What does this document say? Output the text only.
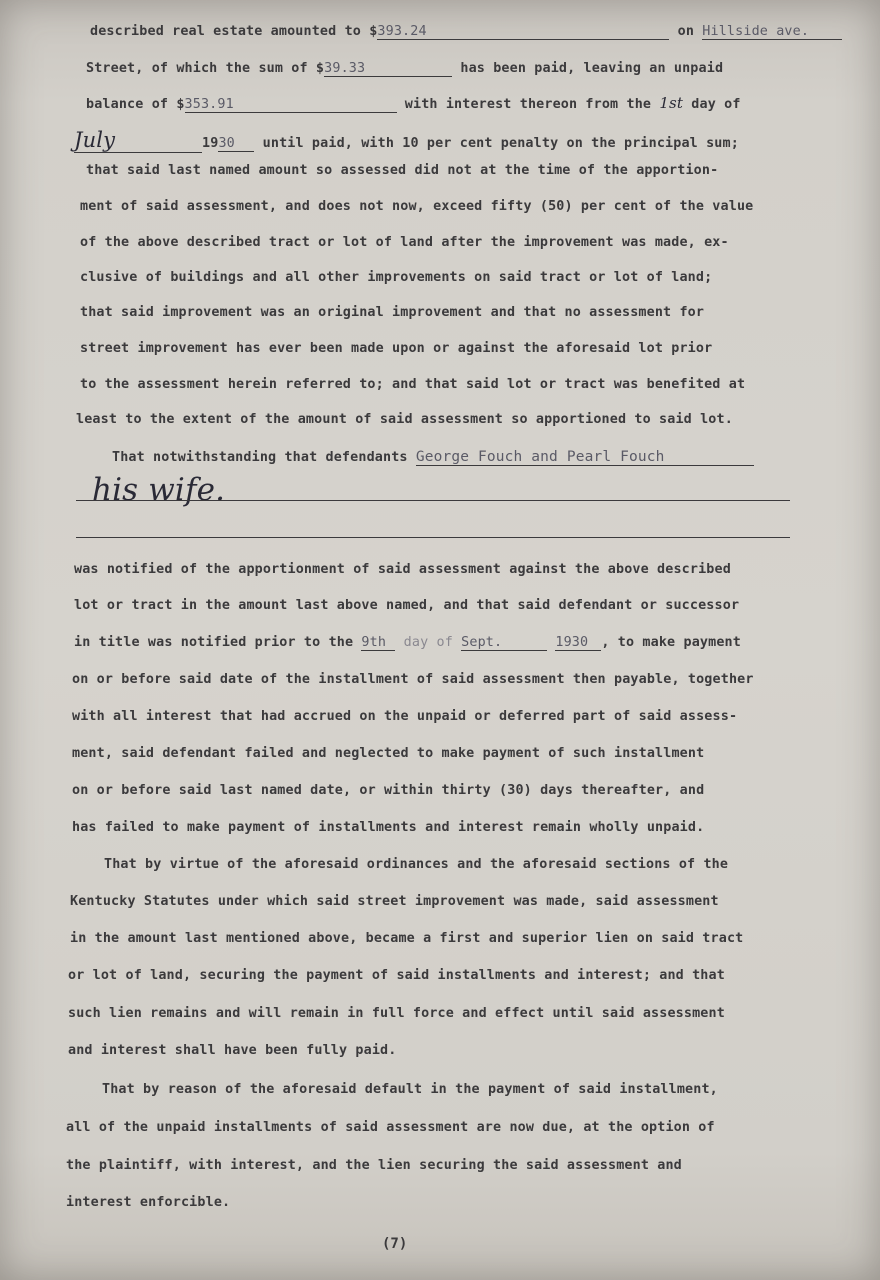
described real estate amounted to $393.24	on Hillside ave.
Street, of which the sum of $39.33	has been paid, leaving an unpaid
balance of $353.91	with interest thereon from the 1st day of
July	1930 until paid, with 10 per cent penalty on the principal sum;
that said last named amount so assessed did not at the time of the apportion-
ment of said assessment, and does not now, exceed fifty (50) per cent of the value
of the above described tract or lot of land after the improvement was made, ex-
clusive of buildings and all other improvements on said tract or lot of land;
that said improvement was an original improvement and that no assessment for
street improvement has ever been made upon or against the aforesaid lot prior
to the assessment herein referred to; and that said lot or tract was benefited at
least to the extent of the amount of said assessment so apportioned to said lot.
That notwithstanding that defendants George Fouch and Pearl Fouch
his wife.
was notified of the apportionment of said assessment against the above described
lot or tract in the amount last above named, and that said defendant or successor
in title was notified prior to the 9th day of Sept.	1930 , to make payment
on or before said date of the installment of said assessment then payable, together
with all interest that had accrued on the unpaid or deferred part of said assess-
ment, said defendant failed and neglected to make payment of such installment
on or before said last named date, or within thirty (30) days thereafter, and
has failed to make payment of installments and interest remain wholly unpaid.
That by virtue of the aforesaid ordinances and the aforesaid sections of the
Kentucky Statutes under which said street improvement was made, said assessment
in the amount last mentioned above, became a first and superior lien on said tract
or lot of land, securing the payment of said installments and interest; and that
such lien remains and will remain in full force and effect until said assessment
and interest shall have been fully paid.
That by reason of the aforesaid default in the payment of said installment,
all of the unpaid installments of said assessment are now due, at the option of
the plaintiff, with interest, and the lien securing the said assessment and
interest enforcible.
(7)
